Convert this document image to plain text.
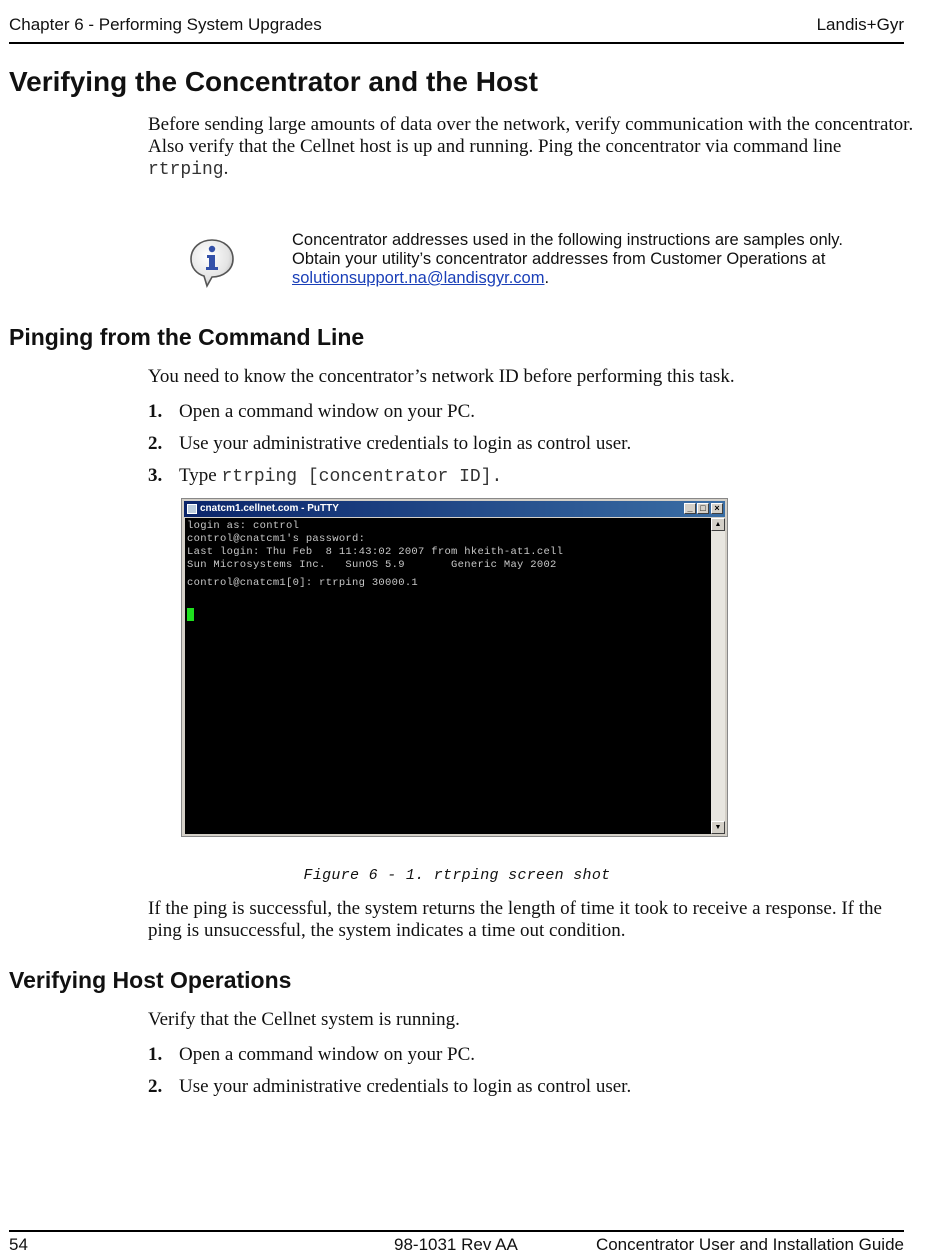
Chapter 6 - Performing System Upgrades	Landis+Gyr
Verifying the Concentrator and the Host
Before sending large amounts of data over the network, verify communication with the concentrator.
Also verify that the Cellnet host is up and running. Ping the concentrator via command line
rtrping.
Concentrator addresses used in the following instructions are samples only.
Obtain your utility’s concentrator addresses from Customer Operations at
solutionsupport.na@landisgyr.com.
Pinging from the Command Line
You need to know the concentrator’s network ID before performing this task.
1. Open a command window on your PC.
2. Use your administrative credentials to login as control user.
3. Type rtrping [concentrator ID].
cnatcm1.cellnet.com - PuTTY	_ □ ×
login as: control
control@cnatcm1's password:
Last login: Thu Feb  8 11:43:02 2007 from hkeith-at1.cell
Sun Microsystems Inc.   SunOS 5.9       Generic May 2002
control@cnatcm1[0]: rtrping 30000.1
▲
▼
Figure 6 - 1. rtrping screen shot
If the ping is successful, the system returns the length of time it took to receive a response. If the
ping is unsuccessful, the system indicates a time out condition.
Verifying Host Operations
Verify that the Cellnet system is running.
1. Open a command window on your PC.
2. Use your administrative credentials to login as control user.
54	98-1031 Rev AA	Concentrator User and Installation Guide
